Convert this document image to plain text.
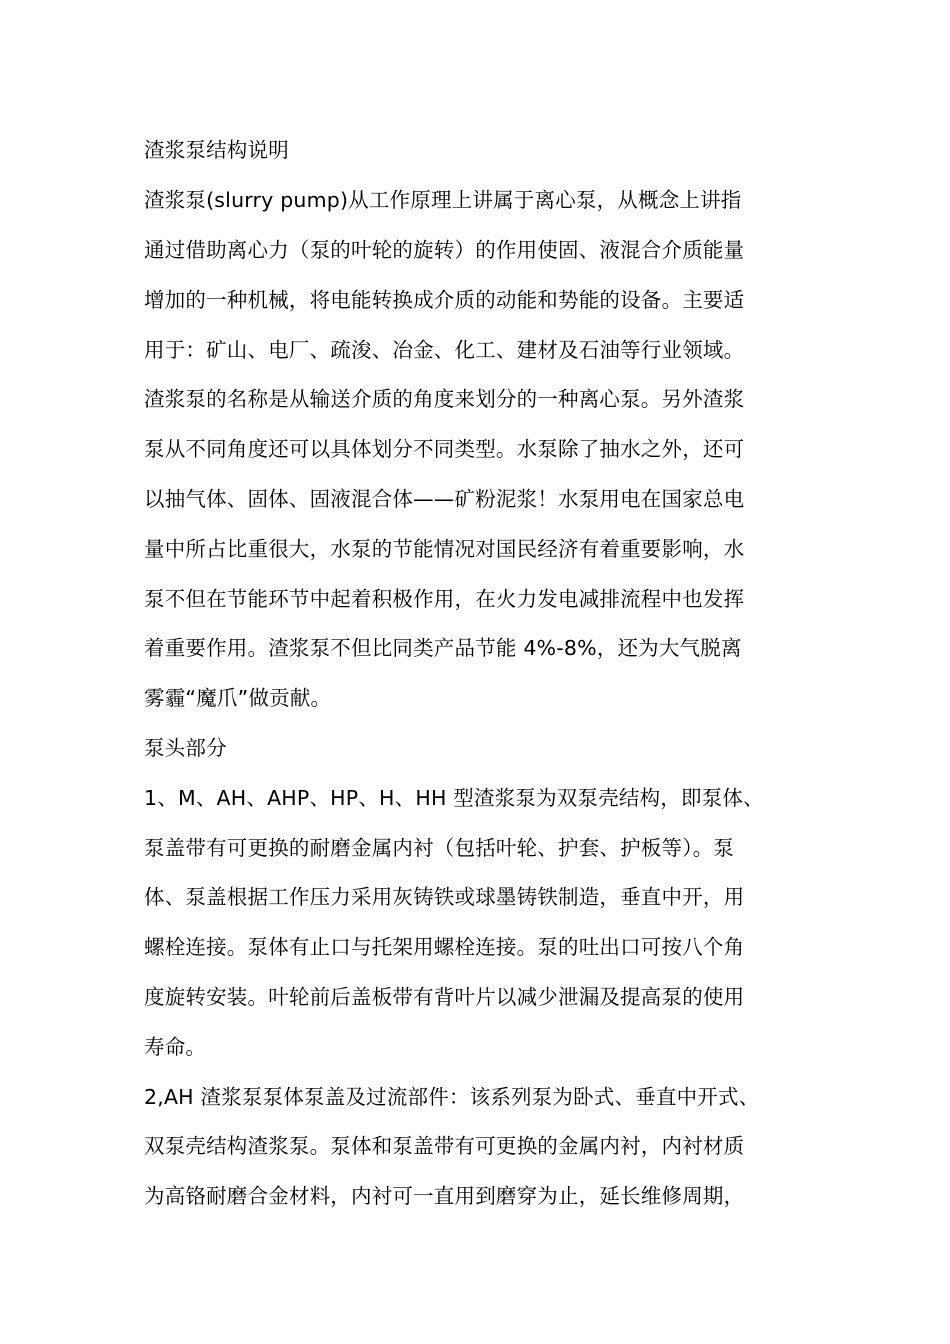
渣浆泵结构说明
渣浆泵(slurry pump)从工作原理上讲属于离心泵，从概念上讲指
通过借助离心力（泵的叶轮的旋转）的作用使固、液混合介质能量
增加的一种机械，将电能转换成介质的动能和势能的设备。主要适
用于：矿山、电厂、疏浚、冶金、化工、建材及石油等行业领域。
渣浆泵的名称是从输送介质的角度来划分的一种离心泵。另外渣浆
泵从不同角度还可以具体划分不同类型。水泵除了抽水之外，还可
以抽气体、固体、固液混合体——矿粉泥浆！水泵用电在国家总电
量中所占比重很大，水泵的节能情况对国民经济有着重要影响，水
泵不但在节能环节中起着积极作用，在火力发电减排流程中也发挥
着重要作用。渣浆泵不但比同类产品节能 4%-8%，还为大气脱离
雾霾“魔爪”做贡献。
泵头部分
1、M、AH、AHP、HP、H、HH 型渣浆泵为双泵壳结构，即泵体、
泵盖带有可更换的耐磨金属内衬（包括叶轮、护套、护板等）。泵
体、泵盖根据工作压力采用灰铸铁或球墨铸铁制造，垂直中开，用
螺栓连接。泵体有止口与托架用螺栓连接。泵的吐出口可按八个角
度旋转安装。叶轮前后盖板带有背叶片以减少泄漏及提高泵的使用
寿命。
2,AH 渣浆泵泵体泵盖及过流部件：该系列泵为卧式、垂直中开式、
双泵壳结构渣浆泵。泵体和泵盖带有可更换的金属内衬，内衬材质
为高铬耐磨合金材料，内衬可一直用到磨穿为止，延长维修周期，
